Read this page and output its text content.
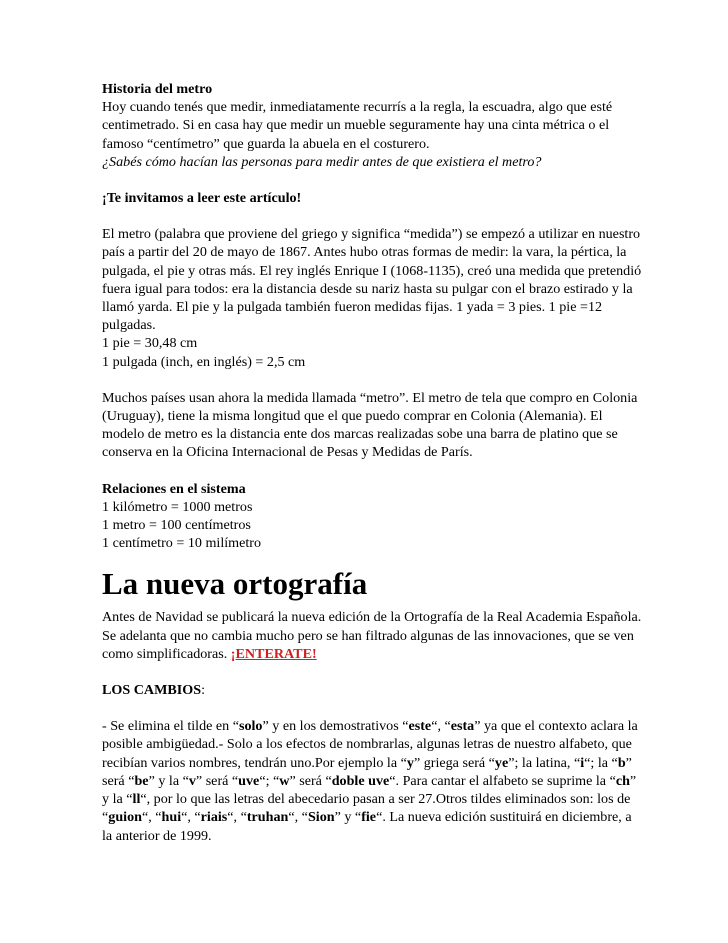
Historia del metro

Hoy cuando tenés que medir, inmediatamente recurrís a la regla, la escuadra, algo que esté centimetrado. Si en casa hay que medir un mueble seguramente hay una cinta métrica o el famoso “centímetro” que guarda la abuela en el costurero.

¿Sabés cómo hacían las personas para medir antes de que existiera el metro?

¡Te invitamos a leer este artículo!

El metro (palabra que proviene del griego y significa “medida”) se empezó a utilizar en nuestro país a partir del 20 de mayo de 1867. Antes hubo otras formas de medir: la vara, la pértica, la pulgada, el pie y otras más. El rey inglés Enrique I (1068-1135), creó una medida que pretendió fuera igual para todos: era la distancia desde su nariz hasta su pulgar con el brazo estirado y la llamó yarda. El pie y la pulgada también fueron medidas fijas. 1 yada = 3 pies. 1 pie =12 pulgadas.

1 pie = 30,48 cm

1 pulgada (inch, en inglés) = 2,5 cm

Muchos países usan ahora la medida llamada “metro”. El metro de tela que compro en Colonia (Uruguay), tiene la misma longitud que el que puedo comprar en Colonia (Alemania). El modelo de metro es la distancia ente dos marcas realizadas sobe una barra de platino que se conserva en la Oficina Internacional de Pesas y Medidas de París.

Relaciones en el sistema

1 kilómetro = 1000 metros

1 metro = 100 centímetros

1 centímetro = 10 milímetro

La nueva ortografía

Antes de Navidad se publicará la nueva edición de la Ortografía de la Real Academia Española. Se adelanta que no cambia mucho pero se han filtrado algunas de las innovaciones, que se ven como simplificadoras. ¡ENTERATE!

LOS CAMBIOS:

- Se elimina el tilde en “solo” y en los demostrativos “este“, “esta” ya que el contexto aclara la posible ambigüedad.- Solo a los efectos de nombrarlas, algunas letras de nuestro alfabeto, que recibían varios nombres, tendrán uno.Por ejemplo la “y” griega será “ye”; la latina, “i“; la “b” será “be” y la “v” será “uve“; “w” será “doble uve“. Para cantar el alfabeto se suprime la “ch” y la “ll“, por lo que las letras del abecedario pasan a ser 27.Otros tildes eliminados son: los de “guion“, “hui“, “riais“, “truhan“, “Sion” y “fie“. La nueva edición sustituirá en diciembre, a la anterior de 1999.
